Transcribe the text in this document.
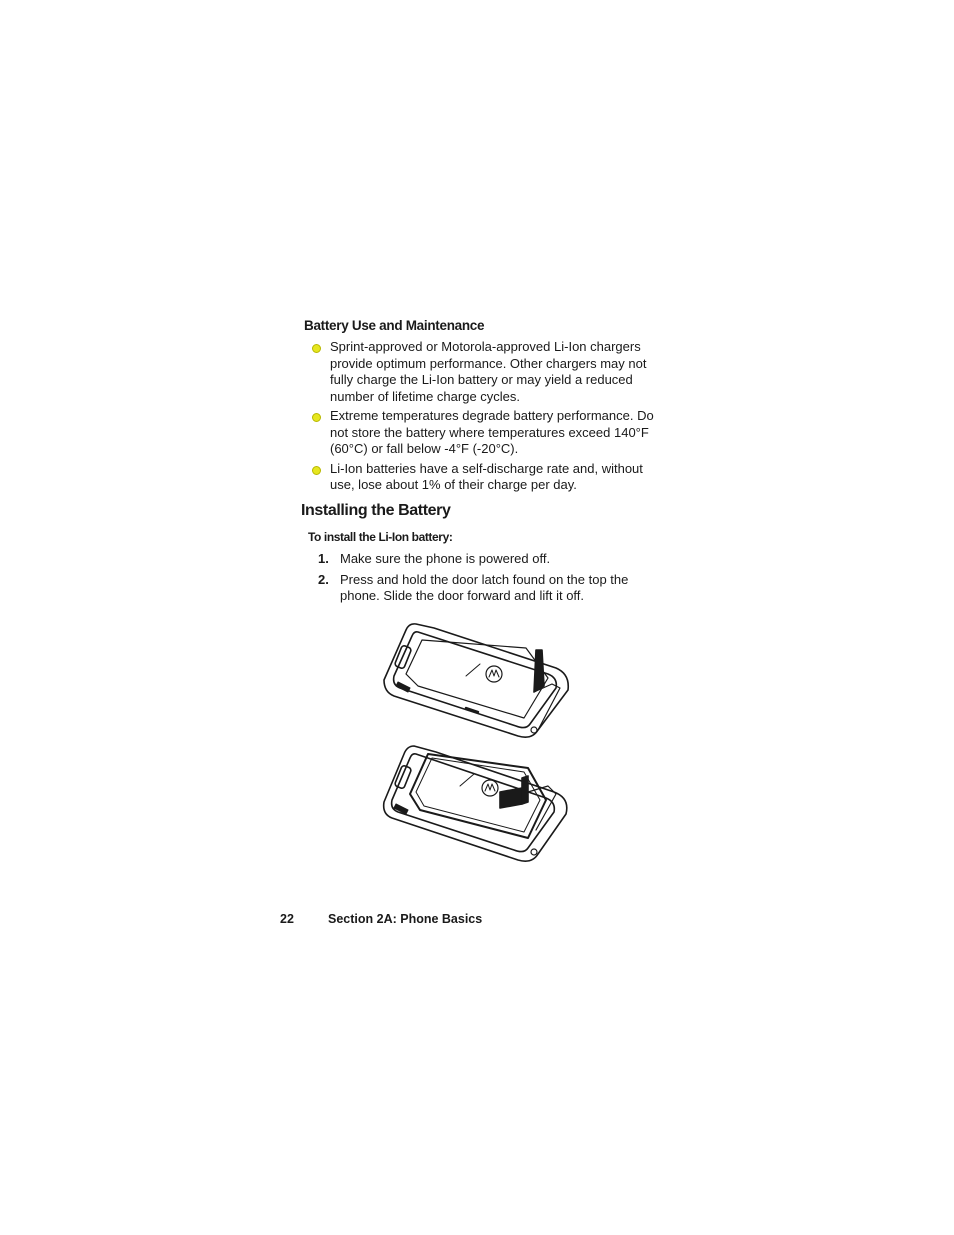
Battery Use and Maintenance
Sprint-approved or Motorola-approved Li-Ion chargers provide optimum performance. Other chargers may not fully charge the Li-Ion battery or may yield a reduced number of lifetime charge cycles.
Extreme temperatures degrade battery performance. Do not store the battery where temperatures exceed 140°F (60°C) or fall below -4°F (-20°C).
Li-Ion batteries have a self-discharge rate and, without use, lose about 1% of their charge per day.
Installing the Battery

To install the Li-Ion battery:

1. Make sure the phone is powered off.
2. Press and hold the door latch found on the top the phone. Slide the door forward and lift it off.
22	Section 2A: Phone Basics
